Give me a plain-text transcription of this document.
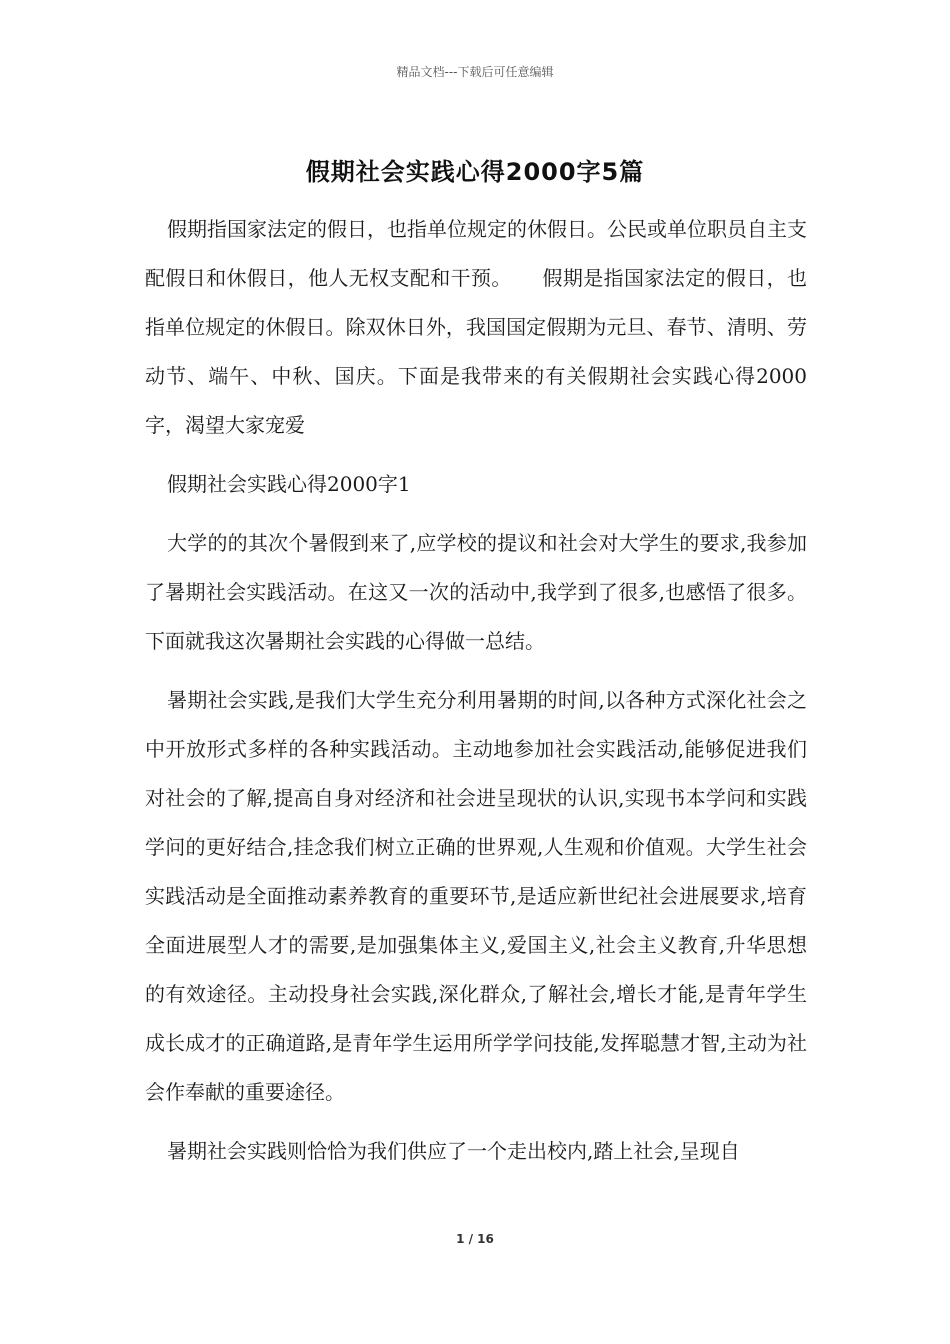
精品文档---下载后可任意编辑
假期社会实践心得2000字5篇

假期指国家法定的假日，也指单位规定的休假日。公民或单位职员自主支配假日和休假日，他人无权支配和干预。　　假期是指国家法定的假日，也指单位规定的休假日。除双休日外，我国国定假期为元旦、春节、清明、劳动节、端午、中秋、国庆。下面是我带来的有关假期社会实践心得2000字，渴望大家宠爱

假期社会实践心得2000字1

大学的的其次个暑假到来了,应学校的提议和社会对大学生的要求,我参加了暑期社会实践活动。在这又一次的活动中,我学到了很多,也感悟了很多。下面就我这次暑期社会实践的心得做一总结。

暑期社会实践,是我们大学生充分利用暑期的时间,以各种方式深化社会之中开放形式多样的各种实践活动。主动地参加社会实践活动,能够促进我们对社会的了解,提高自身对经济和社会进呈现状的认识,实现书本学问和实践学问的更好结合,挂念我们树立正确的世界观,人生观和价值观。大学生社会实践活动是全面推动素养教育的重要环节,是适应新世纪社会进展要求,培育全面进展型人才的需要,是加强集体主义,爱国主义,社会主义教育,升华思想的有效途径。主动投身社会实践,深化群众,了解社会,增长才能,是青年学生成长成才的正确道路,是青年学生运用所学学问技能,发挥聪慧才智,主动为社会作奉献的重要途径。

暑期社会实践则恰恰为我们供应了一个走出校内,踏上社会,呈现自

1 / 16
